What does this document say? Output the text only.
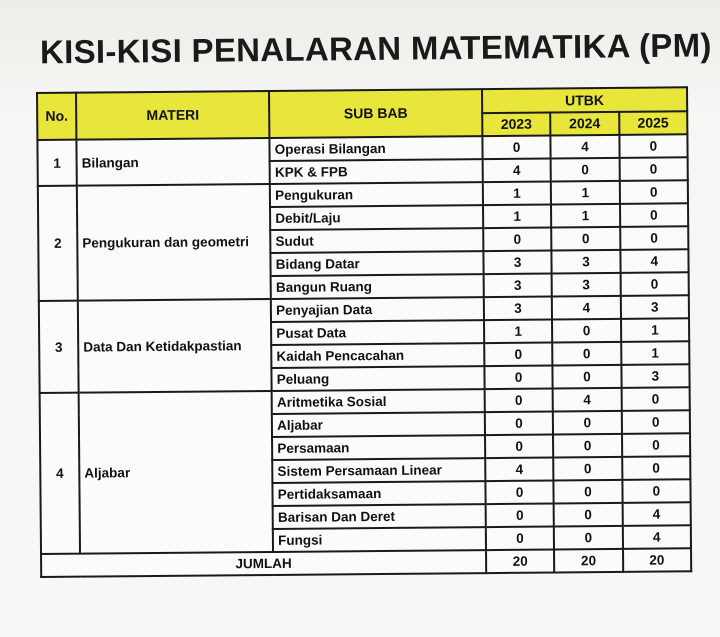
KISI-KISI PENALARAN MATEMATIKA (PM)
No.	MATERI	SUB BAB	UTBK		
			2023	2024	2025
1	Bilangan	Operasi Bilangan	0	4	0
		KPK & FPB	4	0	0
2	Pengukuran dan geometri	Pengukuran	1	1	0
		Debit/Laju	1	1	0
		Sudut	0	0	0
		Bidang Datar	3	3	4
		Bangun Ruang	3	3	0
3	Data Dan Ketidakpastian	Penyajian Data	3	4	3
		Pusat Data	1	0	1
		Kaidah Pencacahan	0	0	1
		Peluang	0	0	3
4	Aljabar	Aritmetika Sosial	0	4	0
		Aljabar	0	0	0
		Persamaan	0	0	0
		Sistem Persamaan Linear	4	0	0
		Pertidaksamaan	0	0	0
		Barisan Dan Deret	0	0	4
		Fungsi	0	0	4
JUMLAH			20	20	20
